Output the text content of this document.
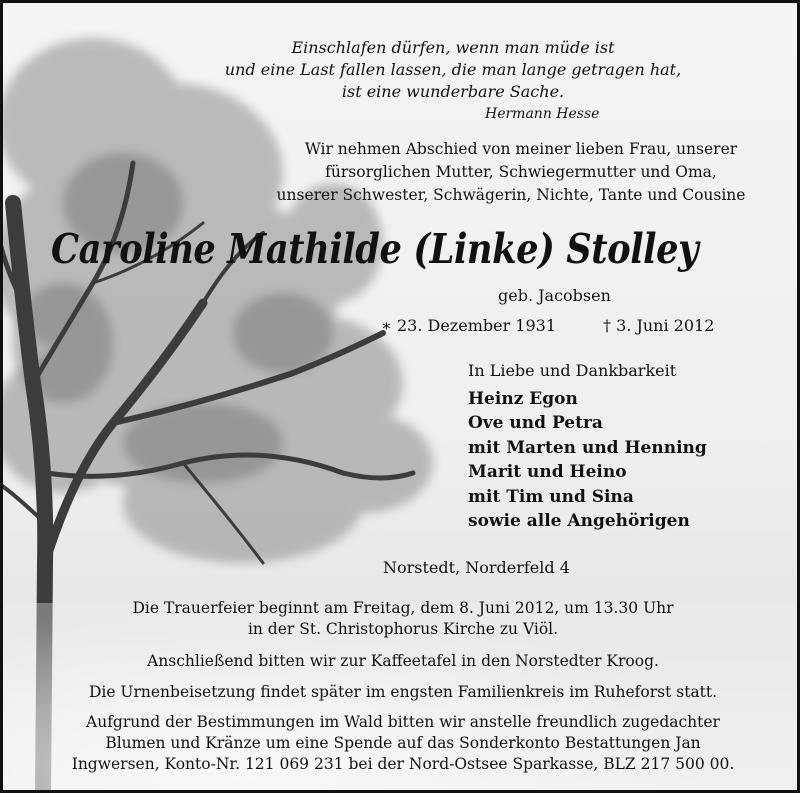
Einschlafen dürfen, wenn man müde ist
und eine Last fallen lassen, die man lange getragen hat,
ist eine wunderbare Sache.
Hermann Hesse
Wir nehmen Abschied von meiner lieben Frau, unserer
fürsorglichen Mutter, Schwiegermutter und Oma,
unserer Schwester, Schwägerin, Nichte, Tante und Cousine
Caroline Mathilde (Linke) Stolley
geb. Jacobsen
∗ 23. Dezember 1931	† 3. Juni 2012
In Liebe und Dankbarkeit
Heinz Egon
Ove und Petra
mit Marten und Henning
Marit und Heino
mit Tim und Sina
sowie alle Angehörigen
Norstedt, Norderfeld 4
Die Trauerfeier beginnt am Freitag, dem 8. Juni 2012, um 13.30 Uhr
in der St. Christophorus Kirche zu Viöl.
Anschließend bitten wir zur Kaffeetafel in den Norstedter Kroog.
Die Urnenbeisetzung findet später im engsten Familienkreis im Ruheforst statt.
Aufgrund der Bestimmungen im Wald bitten wir anstelle freundlich zugedachter
Blumen und Kränze um eine Spende auf das Sonderkonto Bestattungen Jan
Ingwersen, Konto-Nr. 121 069 231 bei der Nord-Ostsee Sparkasse, BLZ 217 500 00.
